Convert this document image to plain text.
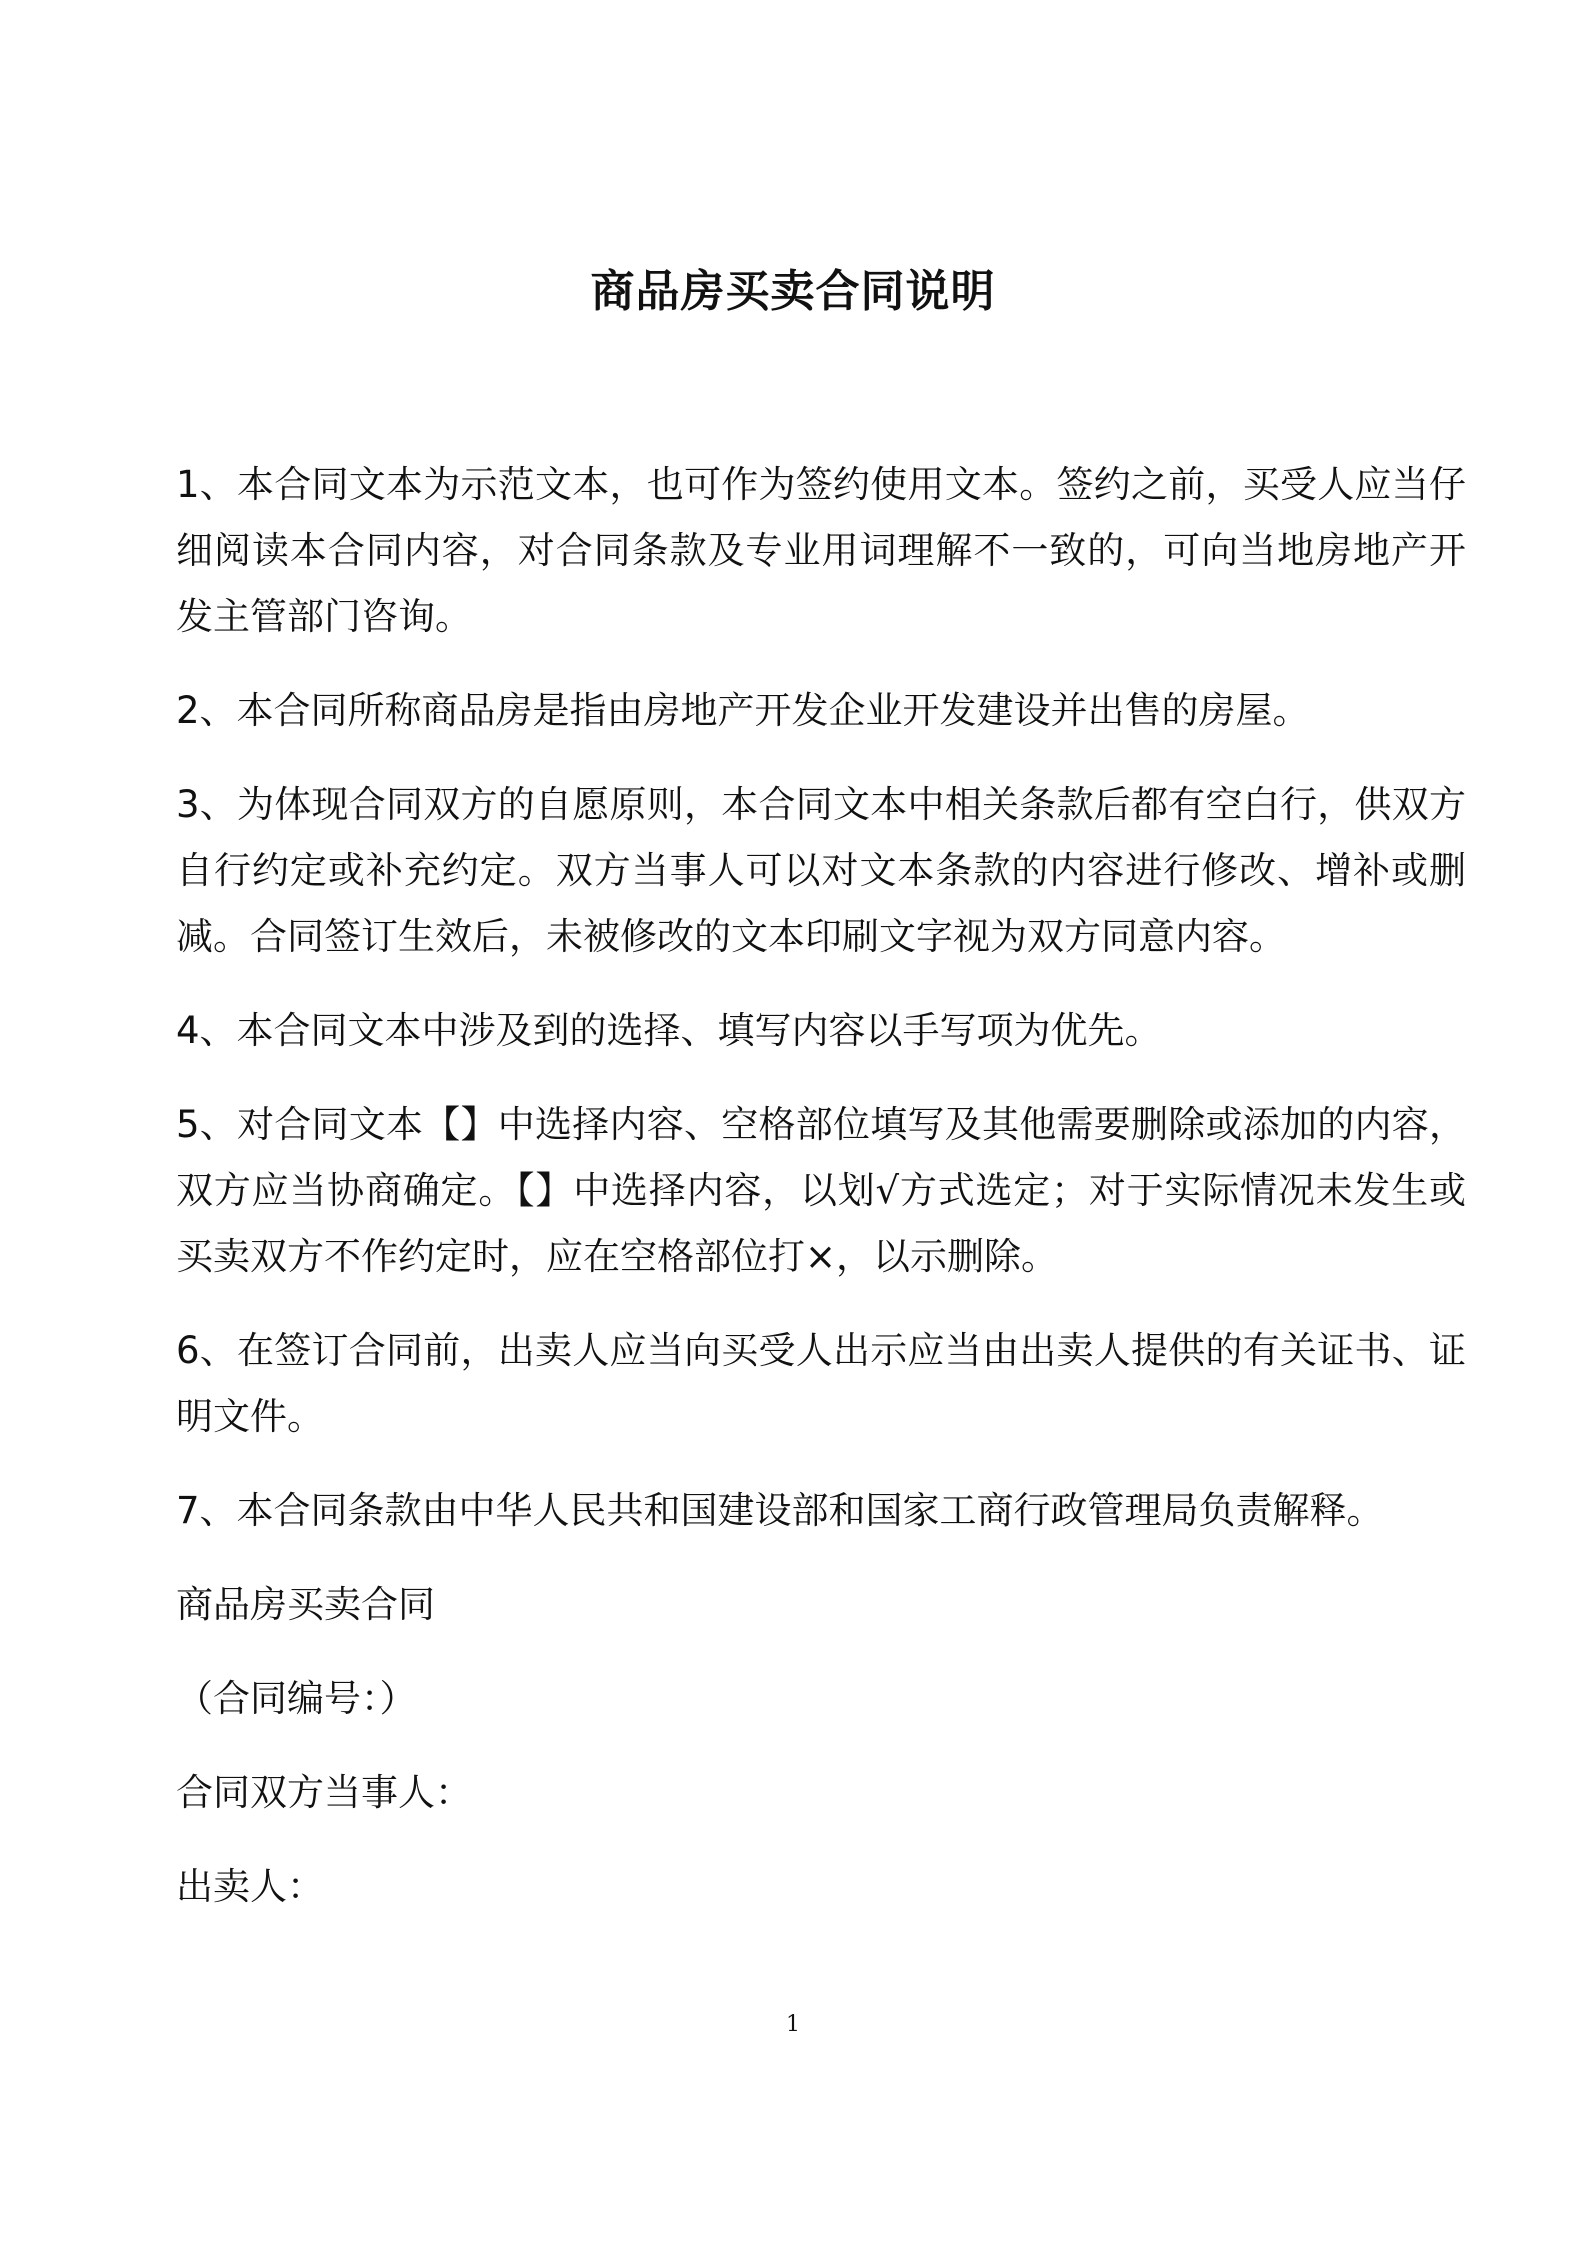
商品房买卖合同说明

1、本合同文本为示范文本，也可作为签约使用文本。签约之前，买受人应当仔细阅读本合同内容，对合同条款及专业用词理解不一致的，可向当地房地产开发主管部门咨询。

2、本合同所称商品房是指由房地产开发企业开发建设并出售的房屋。

3、为体现合同双方的自愿原则，本合同文本中相关条款后都有空白行，供双方自行约定或补充约定。双方当事人可以对文本条款的内容进行修改、增补或删减。合同签订生效后，未被修改的文本印刷文字视为双方同意内容。

4、本合同文本中涉及到的选择、填写内容以手写项为优先。

5、对合同文本【】中选择内容、空格部位填写及其他需要删除或添加的内容，双方应当协商确定。【】中选择内容，以划√方式选定；对于实际情况未发生或买卖双方不作约定时，应在空格部位打×，以示删除。

6、在签订合同前，出卖人应当向买受人出示应当由出卖人提供的有关证书、证明文件。

7、本合同条款由中华人民共和国建设部和国家工商行政管理局负责解释。

商品房买卖合同

（合同编号：）

合同双方当事人：

出卖人：

1
